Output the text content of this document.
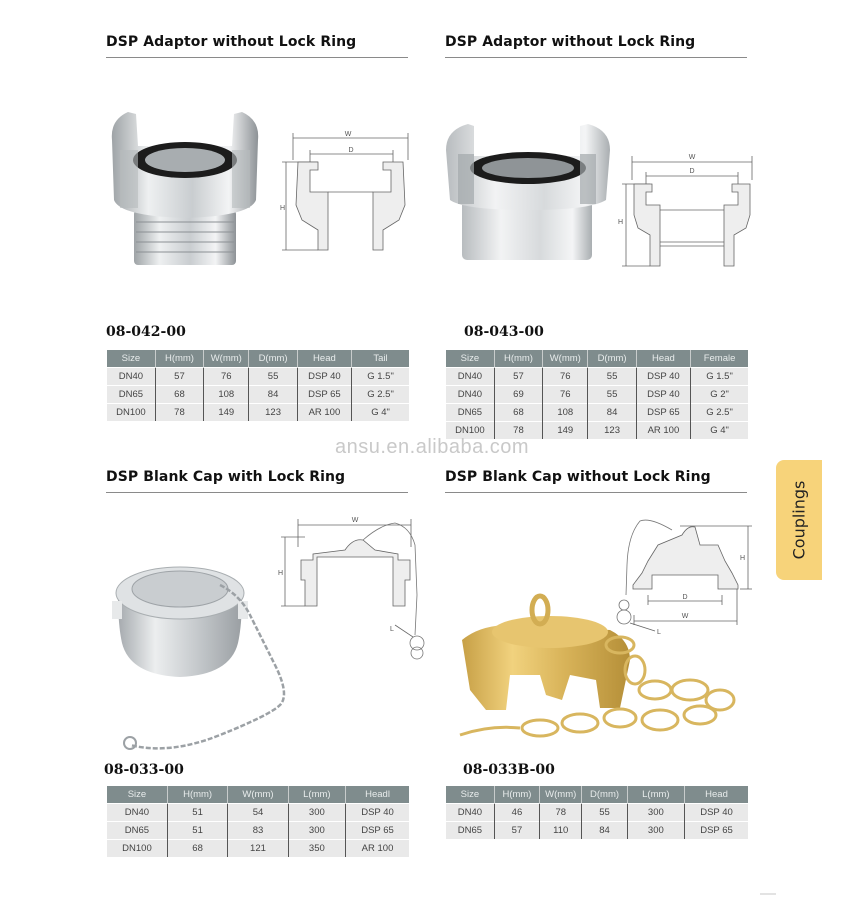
DSP Adaptor without Lock Ring
W
D
H
08-042-00
Size	H(mm)	W(mm)	D(mm)	Head	Tail
DN40	57	76	55	DSP 40	G 1.5"
DN65	68	108	84	DSP 65	G 2.5"
DN100	78	149	123	AR 100	G 4"
DSP Adaptor without Lock Ring
W
D
H
08-043-00
Size	H(mm)	W(mm)	D(mm)	Head	Female
DN40	57	76	55	DSP 40	G 1.5"
DN40	69	76	55	DSP 40	G 2"
DN65	68	108	84	DSP 65	G 2.5"
DN100	78	149	123	AR 100	G 4"
ansu.en.alibaba.com
Couplings
DSP Blank Cap with Lock Ring
W
H
L
08-033-00
Size	H(mm)	W(mm)	L(mm)	Headl
DN40	51	54	300	DSP 40
DN65	51	83	300	DSP 65
DN100	68	121	350	AR 100
DSP Blank Cap without Lock Ring
D
W
H
L
08-033B-00
Size	H(mm)	W(mm)	D(mm)	L(mm)	Head
DN40	46	78	55	300	DSP 40
DN65	57	110	84	300	DSP 65
